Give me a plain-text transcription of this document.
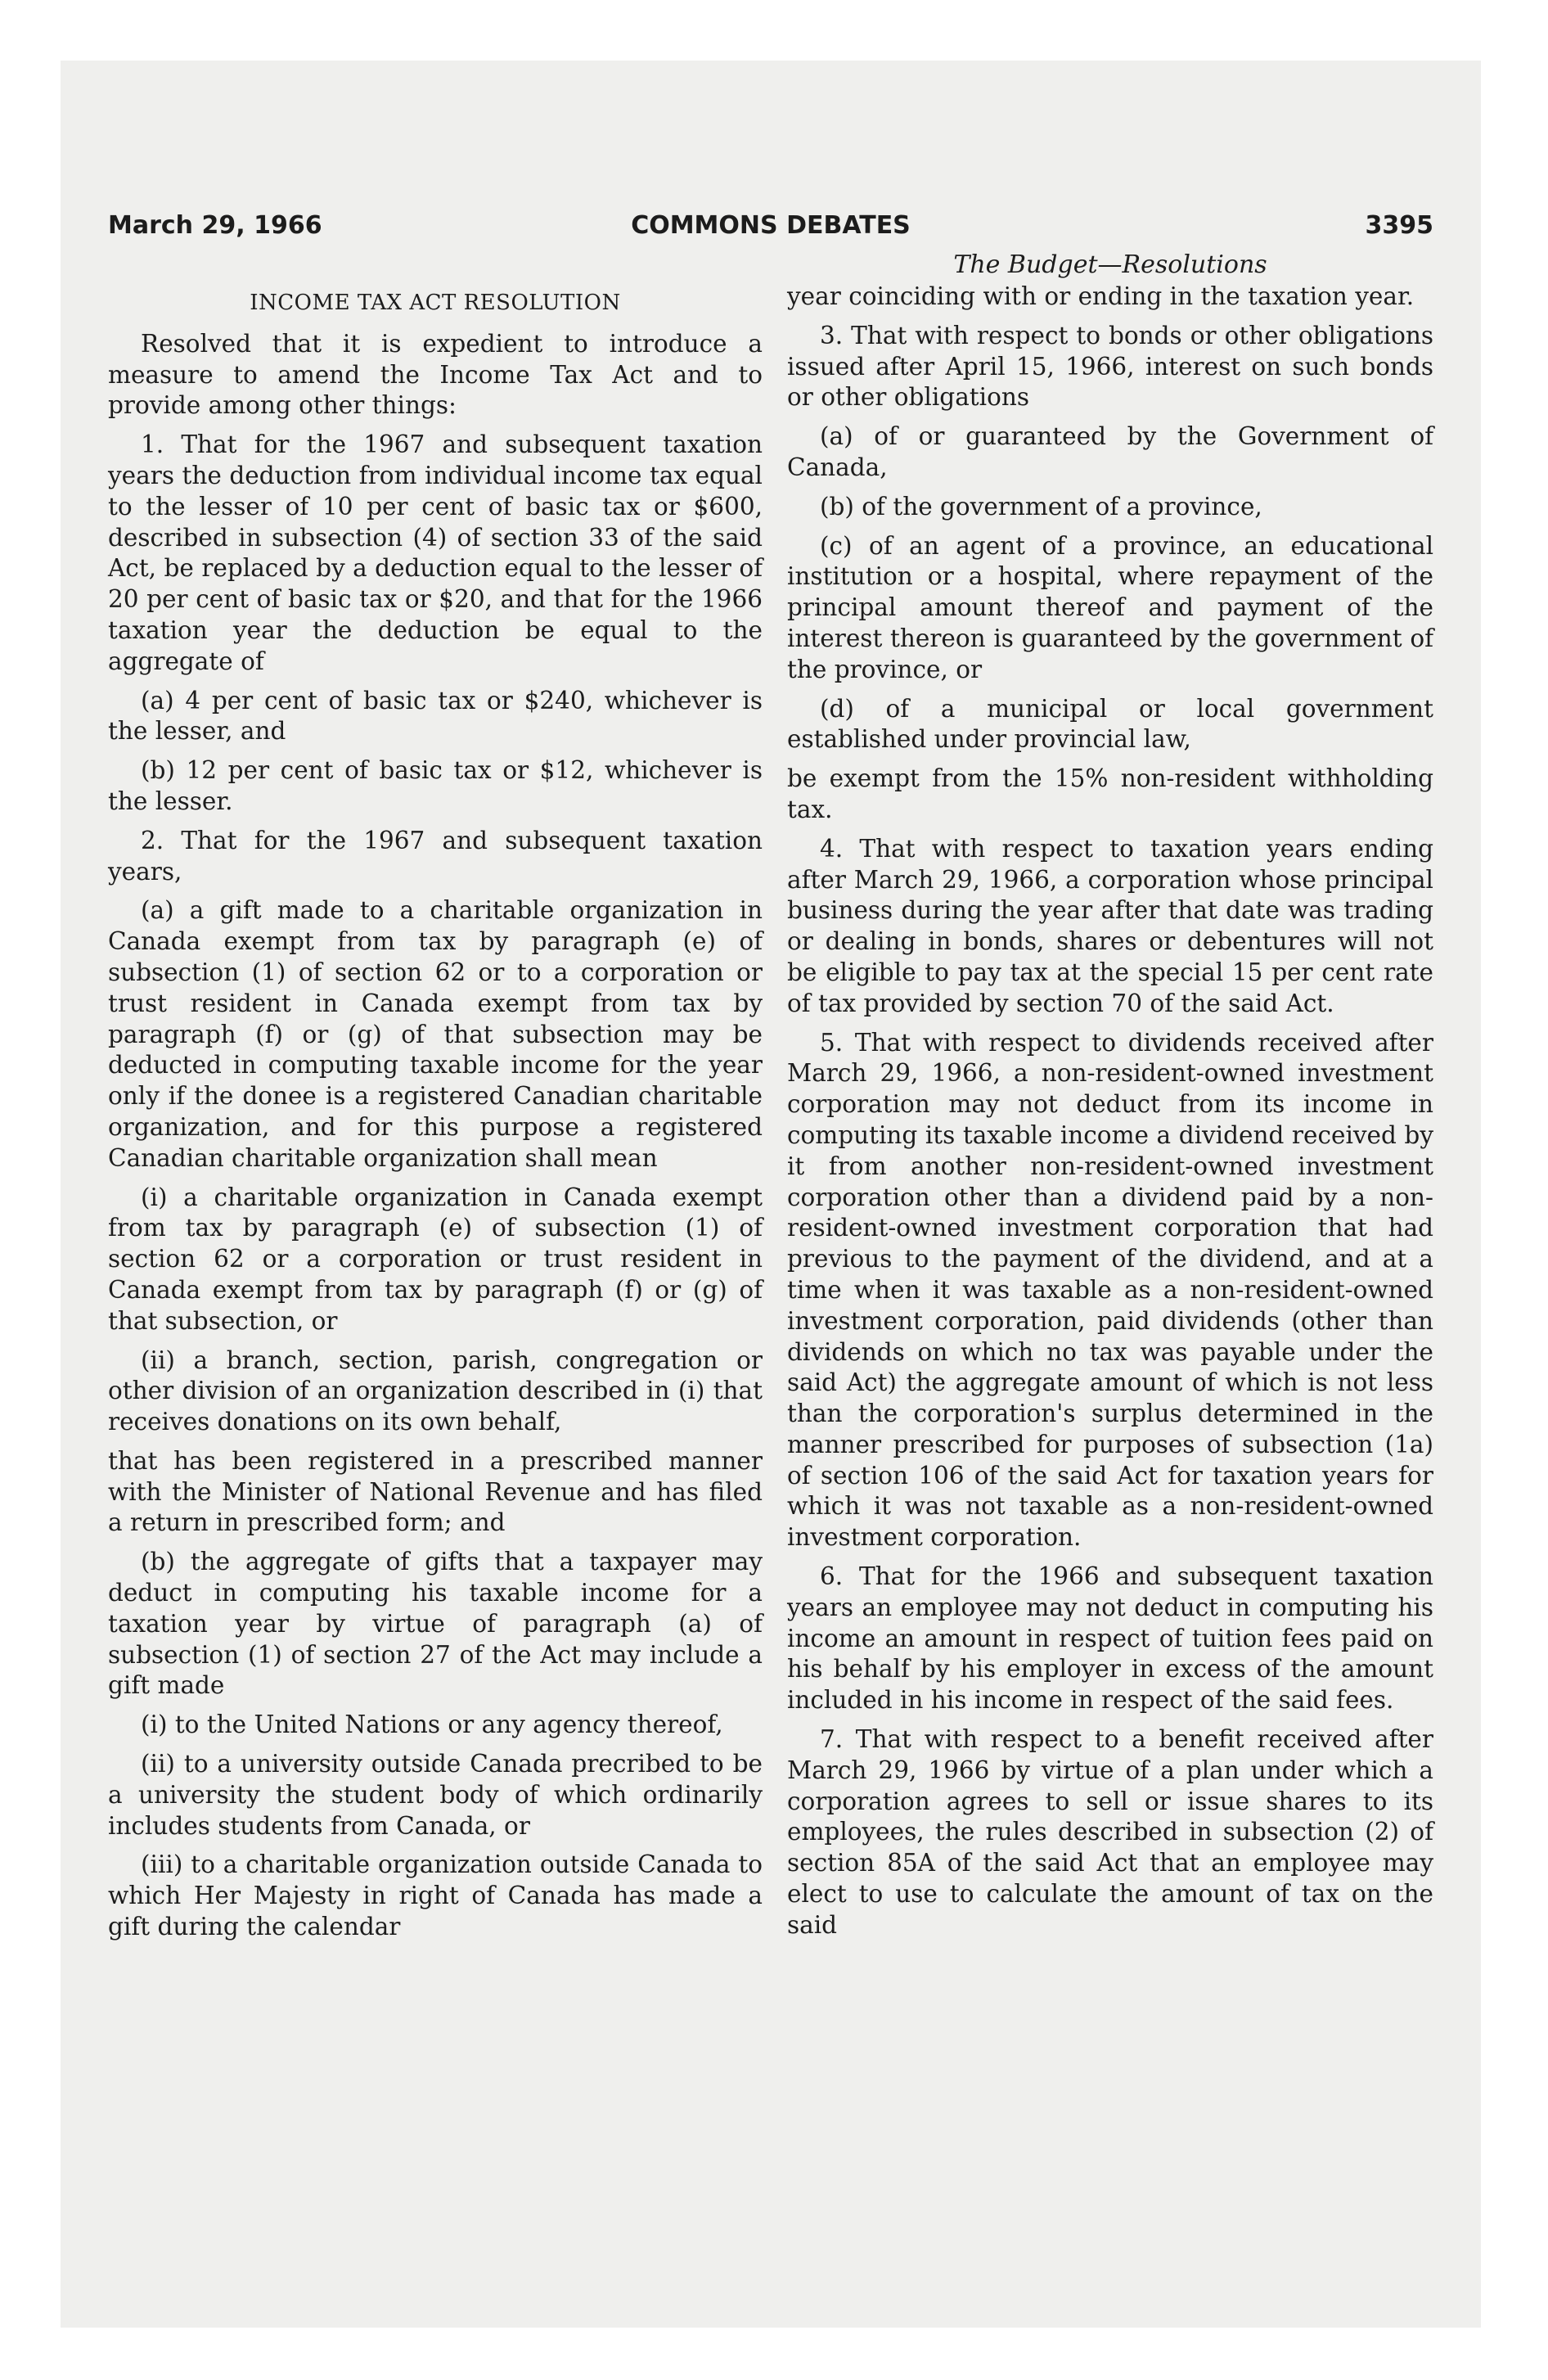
March 29, 1966	COMMONS DEBATES	3395
The Budget—Resolutions
INCOME TAX ACT RESOLUTION

Resolved that it is expedient to introduce a measure to amend the Income Tax Act and to provide among other things:

1. That for the 1967 and subsequent taxation years the deduction from individual income tax equal to the lesser of 10 per cent of basic tax or $600, described in subsection (4) of section 33 of the said Act, be replaced by a deduction equal to the lesser of 20 per cent of basic tax or $20, and that for the 1966 taxation year the deduction be equal to the aggregate of

(a) 4 per cent of basic tax or $240, whichever is the lesser, and

(b) 12 per cent of basic tax or $12, whichever is the lesser.

2. That for the 1967 and subsequent taxation years,

(a) a gift made to a charitable organization in Canada exempt from tax by paragraph (e) of subsection (1) of section 62 or to a corporation or trust resident in Canada exempt from tax by paragraph (f) or (g) of that subsection may be deducted in computing taxable income for the year only if the donee is a registered Canadian charitable organization, and for this purpose a registered Canadian charitable organization shall mean

(i) a charitable organization in Canada exempt from tax by paragraph (e) of subsection (1) of section 62 or a corporation or trust resident in Canada exempt from tax by paragraph (f) or (g) of that subsection, or

(ii) a branch, section, parish, congregation or other division of an organization described in (i) that receives donations on its own behalf,

that has been registered in a prescribed manner with the Minister of National Revenue and has filed a return in prescribed form; and

(b) the aggregate of gifts that a taxpayer may deduct in computing his taxable income for a taxation year by virtue of paragraph (a) of subsection (1) of section 27 of the Act may include a gift made

(i) to the United Nations or any agency thereof,

(ii) to a university outside Canada precribed to be a university the student body of which ordinarily includes students from Canada, or

(iii) to a charitable organization outside Canada to which Her Majesty in right of Canada has made a gift during the calendar

year coinciding with or ending in the taxation year.

3. That with respect to bonds or other obligations issued after April 15, 1966, interest on such bonds or other obligations

(a) of or guaranteed by the Government of Canada,

(b) of the government of a province,

(c) of an agent of a province, an educational institution or a hospital, where repayment of the principal amount thereof and payment of the interest thereon is guaranteed by the government of the province, or

(d) of a municipal or local government established under provincial law,

be exempt from the 15% non-resident withholding tax.

4. That with respect to taxation years ending after March 29, 1966, a corporation whose principal business during the year after that date was trading or dealing in bonds, shares or debentures will not be eligible to pay tax at the special 15 per cent rate of tax provided by section 70 of the said Act.

5. That with respect to dividends received after March 29, 1966, a non-resident-owned investment corporation may not deduct from its income in computing its taxable income a dividend received by it from another non-resident-owned investment corporation other than a dividend paid by a non-resident-owned investment corporation that had previous to the payment of the dividend, and at a time when it was taxable as a non-resident-owned investment corporation, paid dividends (other than dividends on which no tax was payable under the said Act) the aggregate amount of which is not less than the corporation's surplus determined in the manner prescribed for purposes of subsection (1a) of section 106 of the said Act for taxation years for which it was not taxable as a non-resident-owned investment corporation.

6. That for the 1966 and subsequent taxation years an employee may not deduct in computing his income an amount in respect of tuition fees paid on his behalf by his employer in excess of the amount included in his income in respect of the said fees.

7. That with respect to a benefit received after March 29, 1966 by virtue of a plan under which a corporation agrees to sell or issue shares to its employees, the rules described in subsection (2) of section 85A of the said Act that an employee may elect to use to calculate the amount of tax on the said
